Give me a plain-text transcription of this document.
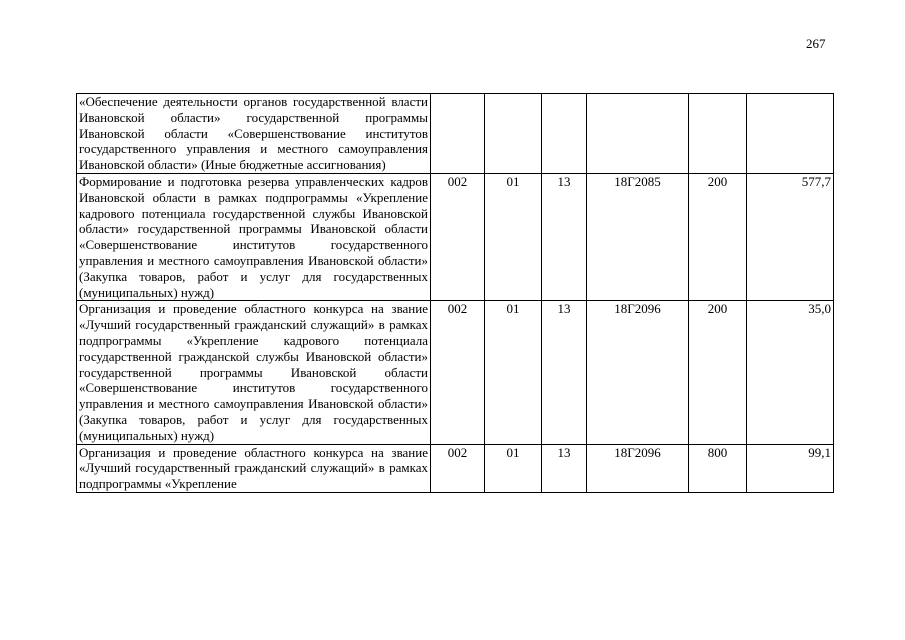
267
«Обеспечение деятельности органов государственной власти Ивановской области» государственной программы Ивановской области «Совершенствование институтов государственного управления и местного самоуправления Ивановской области» (Иные бюджетные ассигнования)						
Формирование и подготовка резерва управленческих кадров Ивановской области в рамках подпрограммы «Укрепление кадрового потенциала государственной службы Ивановской области» государственной программы Ивановской области «Совершенствование институтов государственного управления и местного самоуправления Ивановской области» (Закупка товаров, работ и услуг для государственных (муниципальных) нужд)	002	01	13	18Г2085	200	577,7
Организация и проведение областного конкурса на звание «Лучший государственный гражданский служащий» в рамках подпрограммы «Укрепление кадрового потенциала государственной гражданской службы Ивановской области» государственной программы Ивановской области «Совершенствование институтов государственного управления и местного самоуправления Ивановской области» (Закупка товаров, работ и услуг для государственных (муниципальных) нужд)	002	01	13	18Г2096	200	35,0

Организация и проведение областного конкурса на звание «Лучший государственный гражданский служащий» в рамках подпрограммы «Укрепление	002	01	13	18Г2096	800	99,1
